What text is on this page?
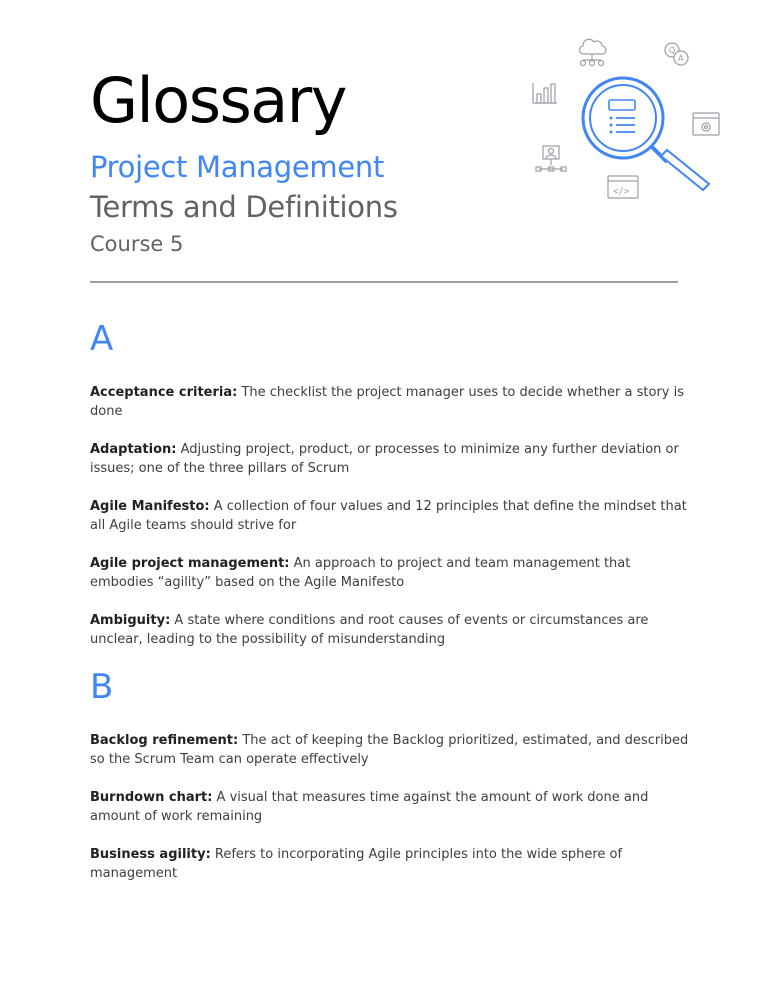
Glossary
Project Management
Terms and Definitions
Course 5
Q
A
</>
A

Acceptance criteria: The checklist the project manager uses to decide whether a story is done

Adaptation: Adjusting project, product, or processes to minimize any further deviation or issues; one of the three pillars of Scrum

Agile Manifesto: A collection of four values and 12 principles that define the mindset that all Agile teams should strive for

Agile project management: An approach to project and team management that embodies “agility” based on the Agile Manifesto

Ambiguity: A state where conditions and root causes of events or circumstances are unclear, leading to the possibility of misunderstanding

B

Backlog refinement: The act of keeping the Backlog prioritized, estimated, and described so the Scrum Team can operate effectively

Burndown chart: A visual that measures time against the amount of work done and amount of work remaining

Business agility: Refers to incorporating Agile principles into the wide sphere of management
